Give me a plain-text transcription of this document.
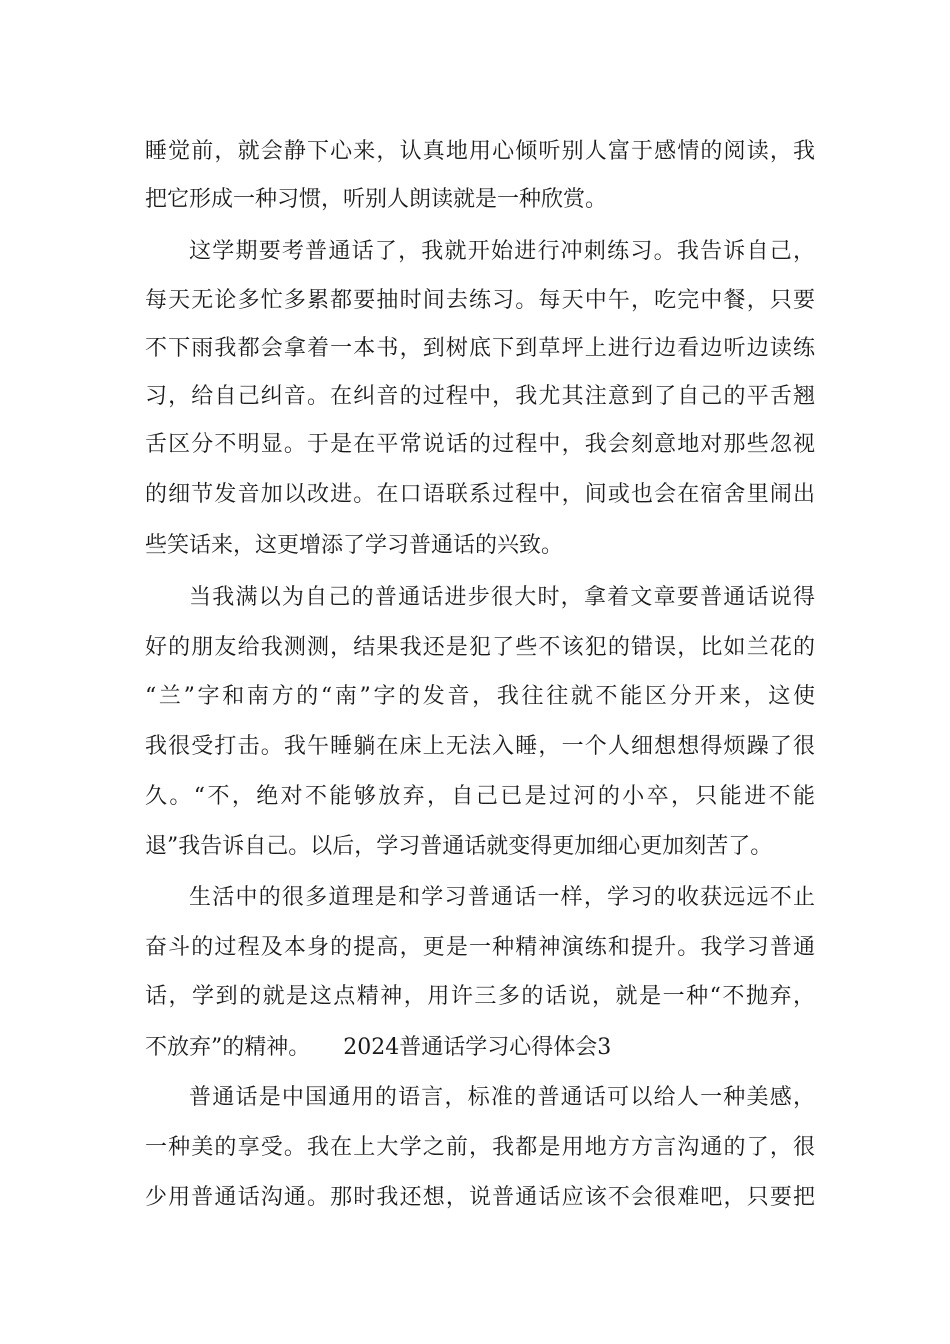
睡觉前，就会静下心来，认真地用心倾听别人富于感情的阅读，我
把它形成一种习惯，听别人朗读就是一种欣赏。
这学期要考普通话了，我就开始进行冲刺练习。我告诉自己，
每天无论多忙多累都要抽时间去练习。每天中午，吃完中餐，只要
不下雨我都会拿着一本书，到树底下到草坪上进行边看边听边读练
习，给自己纠音。在纠音的过程中，我尤其注意到了自己的平舌翘
舌区分不明显。于是在平常说话的过程中，我会刻意地对那些忽视
的细节发音加以改进。在口语联系过程中，间或也会在宿舍里闹出
些笑话来，这更增添了学习普通话的兴致。
当我满以为自己的普通话进步很大时，拿着文章要普通话说得
好的朋友给我测测，结果我还是犯了些不该犯的错误，比如兰花的
“兰”字和南方的“南”字的发音，我往往就不能区分开来，这使
我很受打击。我午睡躺在床上无法入睡，一个人细想想得烦躁了很
久。“不，绝对不能够放弃，自己已是过河的小卒，只能进不能
退”我告诉自己。以后，学习普通话就变得更加细心更加刻苦了。
生活中的很多道理是和学习普通话一样，学习的收获远远不止
奋斗的过程及本身的提高，更是一种精神演练和提升。我学习普通
话，学到的就是这点精神，用许三多的话说，就是一种“不抛弃，
不放弃”的精神。　　2024普通话学习心得体会3
普通话是中国通用的语言，标准的普通话可以给人一种美感，
一种美的享受。我在上大学之前，我都是用地方方言沟通的了，很
少用普通话沟通。那时我还想，说普通话应该不会很难吧，只要把
